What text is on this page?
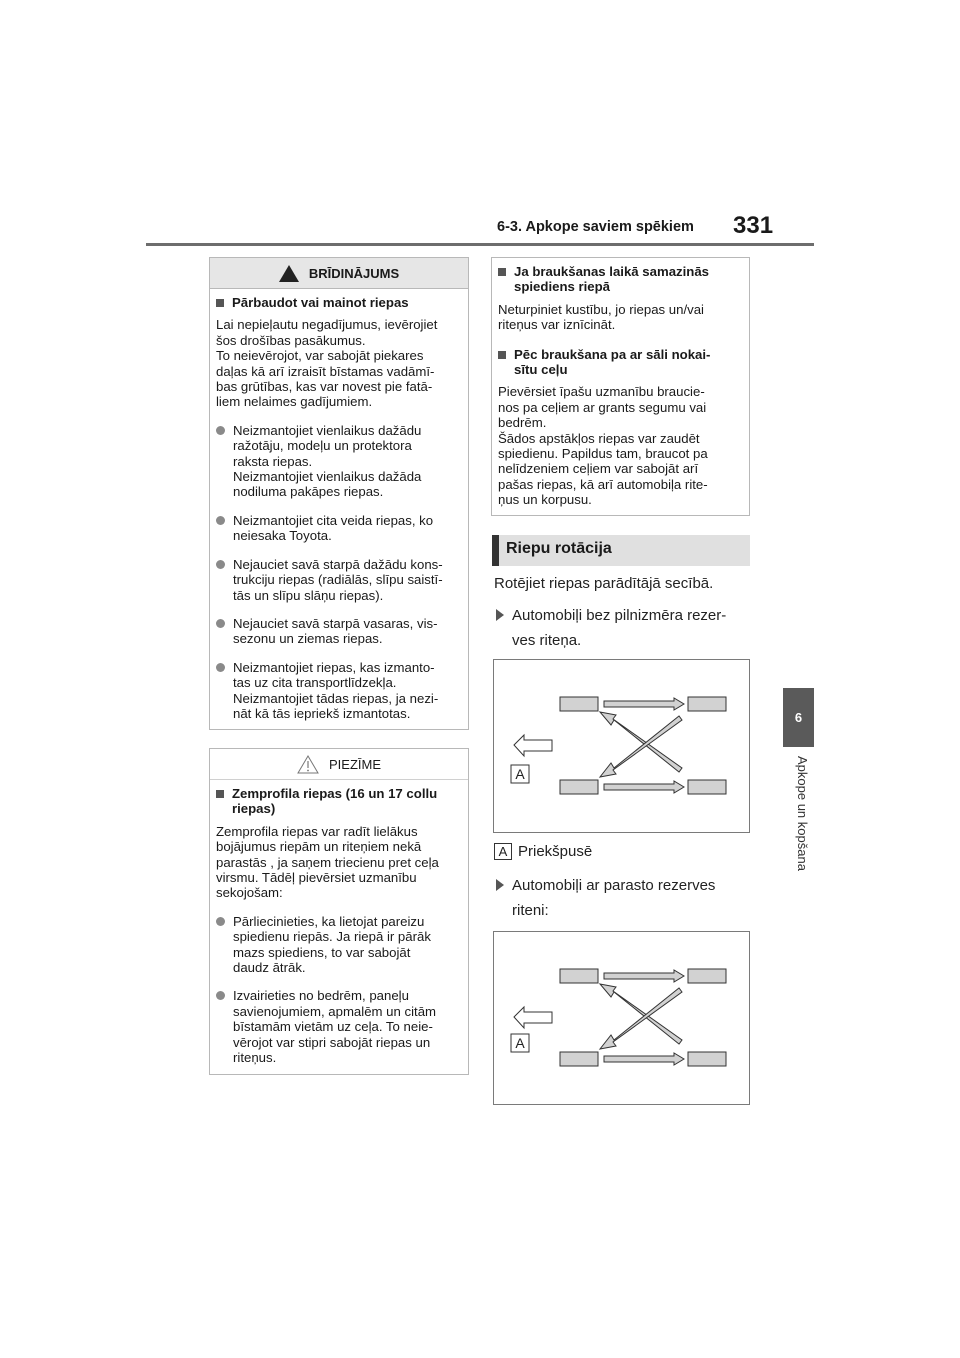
6-3. Apkope saviem spēkiem 331
6
Apkope un kopšana
BRĪDINĀJUMS
Pārbaudot vai mainot riepas
Lai nepieļautu negadījumus, ievērojiet
šos drošības pasākumus.
To neievērojot, var sabojāt piekares
daļas kā arī izraisīt bīstamas vadāmī-
bas grūtības, kas var novest pie fatā-
liem nelaimes gadījumiem.
Neizmantojiet vienlaikus dažādu
ražotāju, modeļu un protektora
raksta riepas.
Neizmantojiet vienlaikus dažāda
nodiluma pakāpes riepas.
Neizmantojiet cita veida riepas, ko
neiesaka Toyota.
Nejauciet savā starpā dažādu kons-
trukciju riepas (radiālās, slīpu saistī-
tās un slīpu slāņu riepas).
Nejauciet savā starpā vasaras, vis-
sezonu un ziemas riepas.
Neizmantojiet riepas, kas izmanto-
tas uz cita transportlīdzekļa.
Neizmantojiet tādas riepas, ja nezi-
nāt kā tās iepriekš izmantotas.
PIEZĪME
Zemprofila riepas (16 un 17 collu
riepas)
Zemprofila riepas var radīt lielākus
bojājumus riepām un riteņiem nekā
parastās , ja saņem triecienu pret ceļa
virsmu. Tādēļ pievērsiet uzmanību
sekojošam:
Pārliecinieties, ka lietojat pareizu
spiedienu riepās. Ja riepā ir pārāk
mazs spiediens, to var sabojāt
daudz ātrāk.
Izvairieties no bedrēm, paneļu
savienojumiem, apmalēm un citām
bīstamām vietām uz ceļa. To neie-
vērojot var stipri sabojāt riepas un
riteņus.
Ja braukšanas laikā samazinās
spiediens riepā
Neturpiniet kustību, jo riepas un/vai
riteņus var iznīcināt.
Pēc braukšana pa ar sāli nokai-
sītu ceļu
Pievērsiet īpašu uzmanību braucie-
nos pa ceļiem ar grants segumu vai
bedrēm.
Šādos apstākļos riepas var zaudēt
spiedienu. Papildus tam, braucot pa
nelīdzeniem ceļiem var sabojāt arī
pašas riepas, kā arī automobiļa rite-
ņus un korpusu.
Riepu rotācija
Rotējiet riepas parādītājā secībā.
Automobiļi bez pilnizmēra rezer-
ves riteņa.
A
A Priekšpusē
Automobiļi ar parasto rezerves
riteni:
A
